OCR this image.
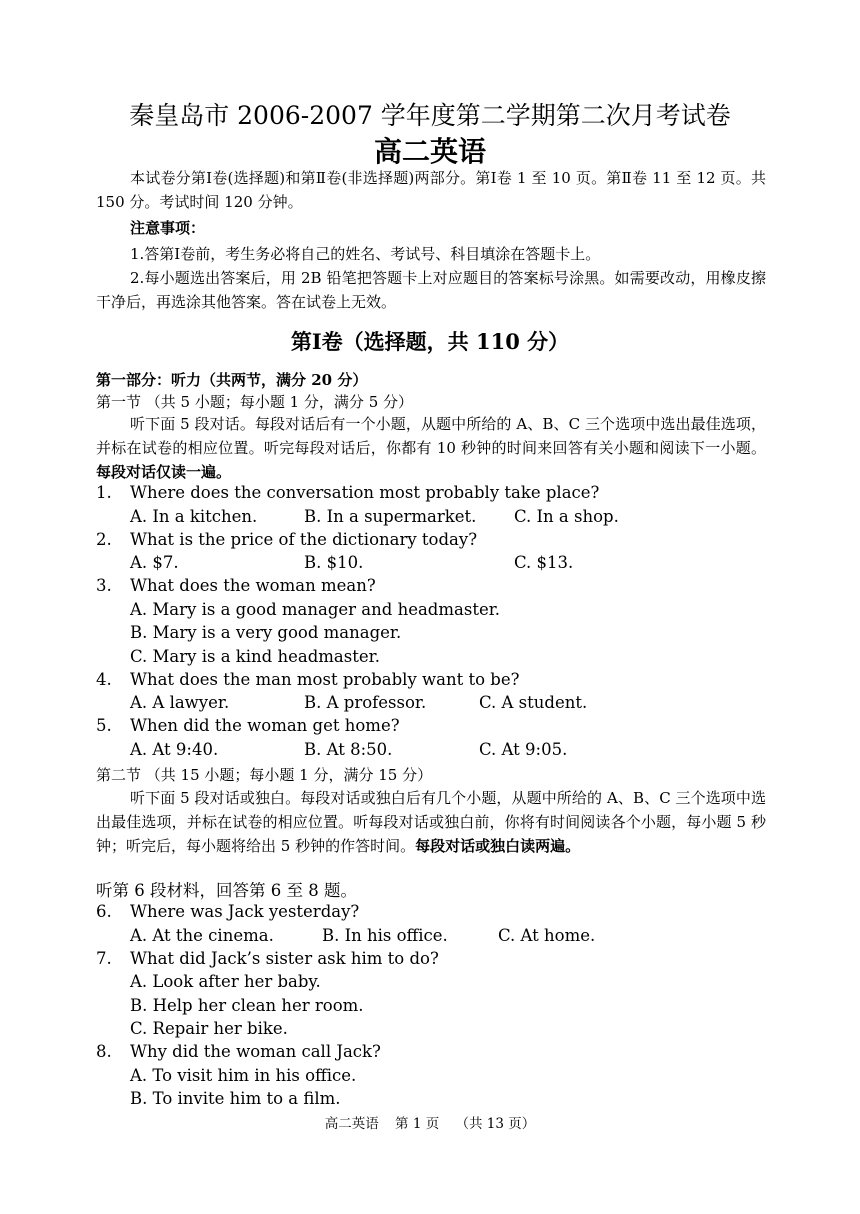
秦皇岛市 2006-2007 学年度第二学期第二次月考试卷
高二英语

本试卷分第Ⅰ卷(选择题)和第Ⅱ卷(非选择题)两部分。第Ⅰ卷 1 至 10 页。第Ⅱ卷 11 至 12 页。共 150 分。考试时间 120 分钟。

注意事项：

1.答第Ⅰ卷前，考生务必将自己的姓名、考试号、科目填涂在答题卡上。

2.每小题选出答案后，用 2B 铅笔把答题卡上对应题目的答案标号涂黑。如需要改动，用橡皮擦干净后，再选涂其他答案。答在试卷上无效。

第Ⅰ卷（选择题，共 110 分）
第一部分：听力（共两节，满分 20 分）
第一节 （共 5 小题；每小题 1 分，满分 5 分）

听下面 5 段对话。每段对话后有一个小题，从题中所给的 A、B、C 三个选项中选出最佳选项，并标在试卷的相应位置。听完每段对话后，你都有 10 秒钟的时间来回答有关小题和阅读下一小题。每段对话仅读一遍。

1. Where does the conversation most probably take place?
A. In a kitchen.	B. In a supermarket. C. In a shop.
2. What is the price of the dictionary today?
A. $7.	B. $10.	C. $13.
3. What does the woman mean?
A. Mary is a good manager and headmaster.
B. Mary is a very good manager.
C. Mary is a kind headmaster.
4. What does the man most probably want to be?
A. A lawyer.	B. A professor.	C. A student.
5. When did the woman get home?
A. At 9:40.	B. At 8:50.	C. At 9:05.
第二节 （共 15 小题；每小题 1 分，满分 15 分）

听下面 5 段对话或独白。每段对话或独白后有几个小题，从题中所给的 A、B、C 三个选项中选出最佳选项，并标在试卷的相应位置。听每段对话或独白前，你将有时间阅读各个小题，每小题 5 秒钟；听完后，每小题将给出 5 秒钟的作答时间。每段对话或独白读两遍。

听第 6 段材料，回答第 6 至 8 题。
6. Where was Jack yesterday?
A. At the cinema.	B. In his office.	C. At home.
7. What did Jack’s sister ask him to do?
A. Look after her baby.
B. Help her clean her room.
C. Repair her bike.
8. Why did the woman call Jack?
A. To visit him in his office.
B. To invite him to a film.
高二英语 第 1 页 （共 13 页）
